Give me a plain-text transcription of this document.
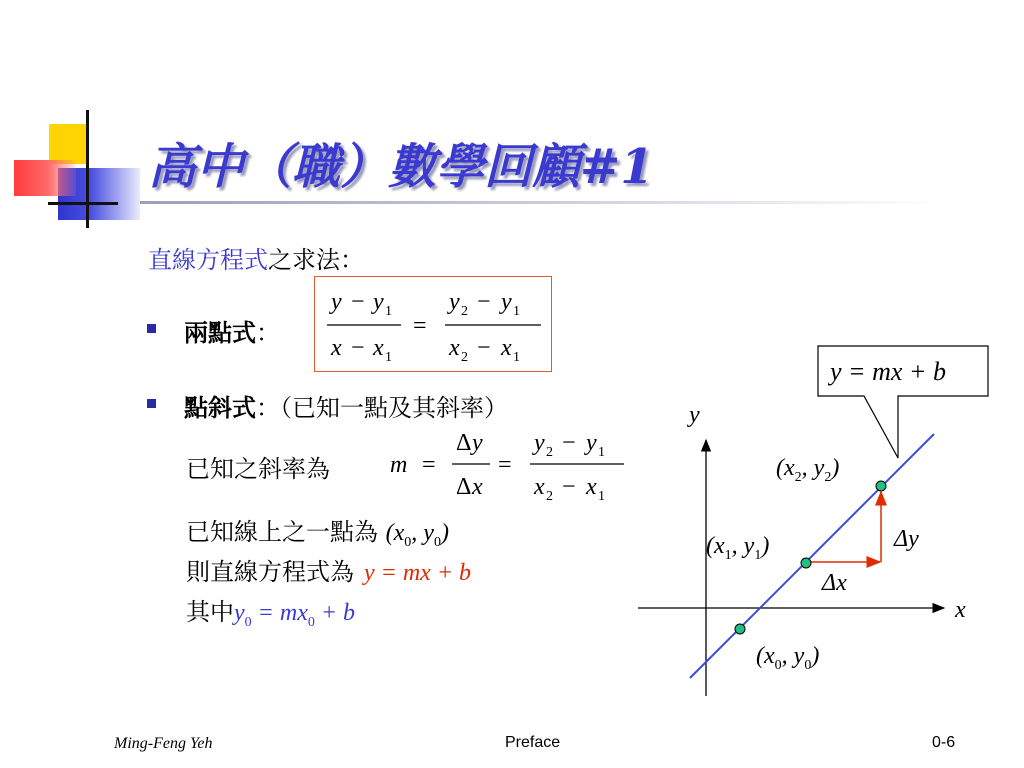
高中（職）數學回顧#1
直線方程式之求法：
兩點式：
y − y 1
x − x 1
=
y 2 − y 1
x 2 − x 1
點斜式：（已知一點及其斜率）
已知之斜率為	m =
Δ y
Δ x
=
y 2 − y 1
x 2 − x 1
已知線上之一點為 ($x_0$, $y_0$)
則直線方程式為 y = mx + b
其中$y_0 = mx_0 + b$
y = mx + b
y
x
($x_2$, $y_2$)
($x_1$, $y_1$)
($x_0$, $y_0$)
Δy
Δx
Ming-Feng Yeh	Preface	0-6
